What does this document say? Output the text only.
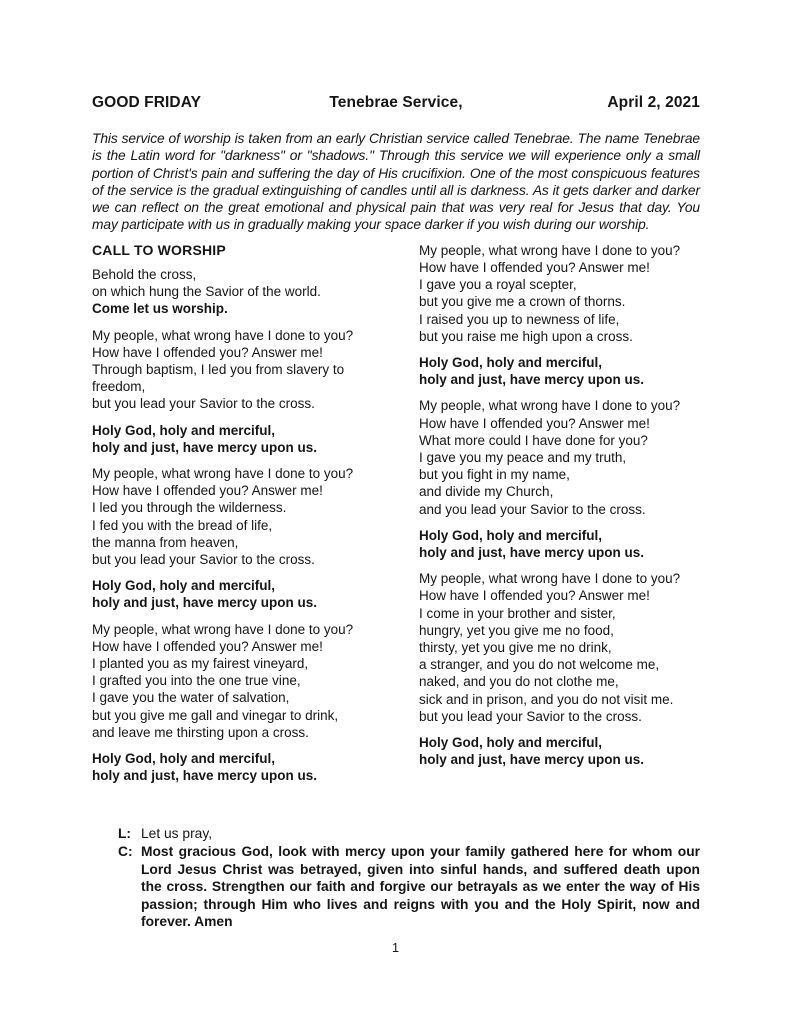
GOOD FRIDAY	Tenebrae Service,	April 2, 2021

This service of worship is taken from an early Christian service called Tenebrae. The name Tenebrae is the Latin word for "darkness" or "shadows." Through this service we will experience only a small portion of Christ's pain and suffering the day of His crucifixion. One of the most conspicuous features of the service is the gradual extinguishing of candles until all is darkness. As it gets darker and darker we can reflect on the great emotional and physical pain that was very real for Jesus that day. You may participate with us in gradually making your space darker if you wish during our worship.

CALL TO WORSHIP

Behold the cross,
on which hung the Savior of the world.
Come let us worship.

My people, what wrong have I done to you?
How have I offended you? Answer me!
Through baptism, I led you from slavery to
freedom,
but you lead your Savior to the cross.

Holy God, holy and merciful,
holy and just, have mercy upon us.

My people, what wrong have I done to you?
How have I offended you? Answer me!
I led you through the wilderness.
I fed you with the bread of life,
the manna from heaven,
but you lead your Savior to the cross.

Holy God, holy and merciful,
holy and just, have mercy upon us.

My people, what wrong have I done to you?
How have I offended you? Answer me!
I planted you as my fairest vineyard,
I grafted you into the one true vine,
I gave you the water of salvation,
but you give me gall and vinegar to drink,
and leave me thirsting upon a cross.

Holy God, holy and merciful,
holy and just, have mercy upon us.

My people, what wrong have I done to you?
How have I offended you? Answer me!
I gave you a royal scepter,
but you give me a crown of thorns.
I raised you up to newness of life,
but you raise me high upon a cross.

Holy God, holy and merciful,
holy and just, have mercy upon us.

My people, what wrong have I done to you?
How have I offended you? Answer me!
What more could I have done for you?
I gave you my peace and my truth,
but you fight in my name,
and divide my Church,
and you lead your Savior to the cross.

Holy God, holy and merciful,
holy and just, have mercy upon us.

My people, what wrong have I done to you?
How have I offended you? Answer me!
I come in your brother and sister,
hungry, yet you give me no food,
thirsty, yet you give me no drink,
a stranger, and you do not welcome me,
naked, and you do not clothe me,
sick and in prison, and you do not visit me.
but you lead your Savior to the cross.

Holy God, holy and merciful,
holy and just, have mercy upon us.

L: Let us pray,
C: Most gracious God, look with mercy upon your family gathered here for whom our Lord Jesus Christ was betrayed, given into sinful hands, and suffered death upon the cross. Strengthen our faith and forgive our betrayals as we enter the way of His passion; through Him who lives and reigns with you and the Holy Spirit, now and forever. Amen
1
